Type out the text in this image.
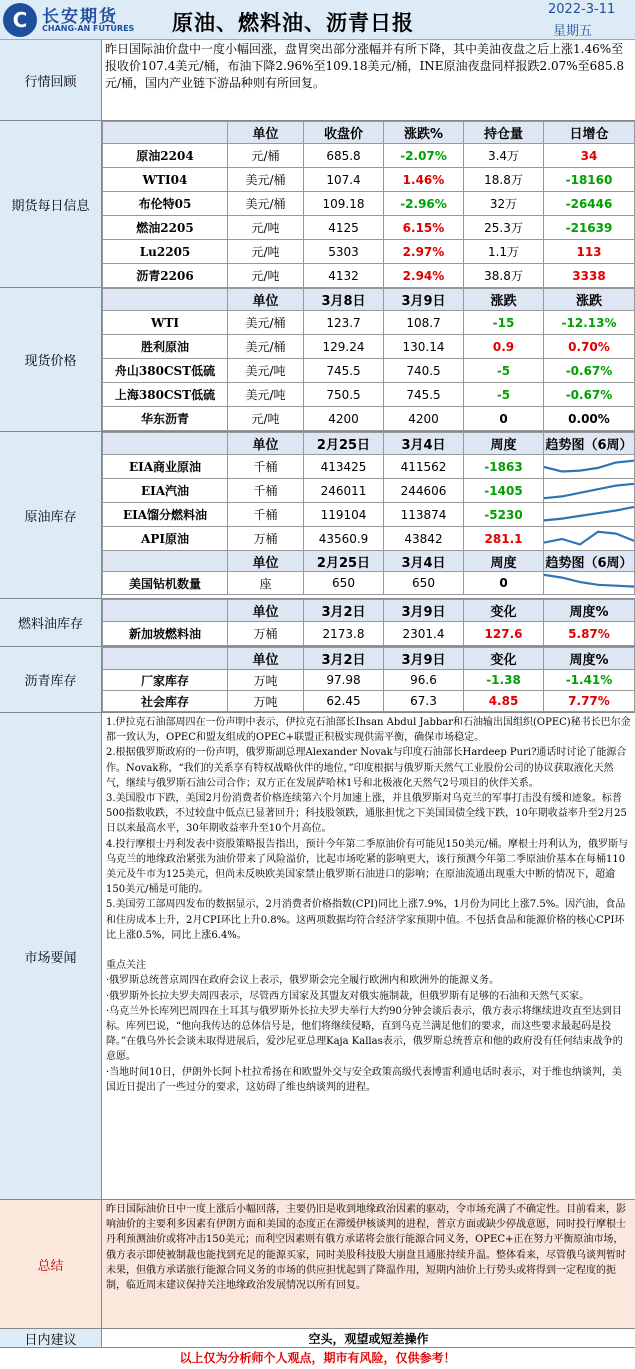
C 长安期货
CHANG-AN FUTURES 原油、燃料油、沥青日报
2022-3-11
星期五
行情回顾
昨日国际油价盘中一度小幅回涨，盘胃突出部分涨幅并有所下降，其中美油夜盘之后上涨1.46%至报收价107.4美元/桶，布油下降2.96%至109.18美元/桶，INE原油夜盘同样报跌2.07%至685.8元/桶，国内产业链下游品种则有所回复。
期货每日信息
	单位	收盘价	涨跌%	持仓量	日增仓
原油2204	元/桶	685.8	-2.07%	3.4万	34
WTI04	美元/桶	107.4	1.46%	18.8万	-18160
布伦特05	美元/桶	109.18	-2.96%	32万	-26446
燃油2205	元/吨	4125	6.15%	25.3万	-21639
Lu2205	元/吨	5303	2.97%	1.1万	113
沥青2206	元/吨	4132	2.94%	38.8万	3338
现货价格
	单位	3月8日	3月9日	涨跌	涨跌
WTI	美元/桶	123.7	108.7	-15	-12.13%
胜利原油	美元/桶	129.24	130.14	0.9	0.70%
舟山380CST低硫	美元/吨	745.5	740.5	-5	-0.67%
上海380CST低硫	美元/吨	750.5	745.5	-5	-0.67%
华东沥青	元/吨	4200	4200	0	0.00%
原油库存
	单位	2月25日	3月4日	周度	趋势图（6周）
EIA商业原油	千桶	413425	411562	-1863	

EIA汽油	千桶	246011	244606	-1405	

EIA馏分燃料油	千桶	119104	113874	-5230	

API原油	万桶	43560.9	43842	281.1	

	单位	2月25日	3月4日	周度	趋势图（6周）
美国钻机数量	座	650	650	0	
燃料油库存
	单位	3月2日	3月9日	变化	周度%
新加坡燃料油	万桶	2173.8	2301.4	127.6	5.87%
沥青库存
	单位	3月2日	3月9日	变化	周度%
厂家库存	万吨	97.98	96.6	-1.38	-1.41%
社会库存	万吨	62.45	67.3	4.85	7.77%
市场要闻

1.伊拉克石油部周四在一份声明中表示，伊拉克石油部长Ihsan Abdul Jabbar和石油输出国组织(OPEC)秘书长巴尔金都一致认为，OPEC和盟友组成的OPEC+联盟正积极实现供需平衡，确保市场稳定。

2.根据俄罗斯政府的一份声明，俄罗斯副总理Alexander Novak与印度石油部长Hardeep Puri?通话时讨论了能源合作。Novak称，“我们的关系享有特权战略伙伴的地位，”印度根据与俄罗斯天然气工业股份公司的协议获取液化天然气，继续与俄罗斯石油公司合作；双方正在发展萨哈林1号和北极液化天然气2号项目的伙伴关系。

3.美国股市下跌，美国2月份消费者价格连续第六个月加速上涨，并且俄罗斯对乌克兰的军事打击没有缓和迹象。标普500指数收跌，不过较盘中低点已显著回升；科技股领跌，通胀担忧之下美国国债全线下跌，10年期收益率升至2月25日以来最高水平，30年期收益率升至10个月高位。

4.投行摩根士丹利发表中资股策略报告指出，预计今年第二季原油价有可能见150美元/桶。摩根士丹利认为，俄罗斯与乌克兰的地缘政治紧张为油价带来了风险溢价，比起市场吃紧的影响更大，该行预测今年第二季原油价基本在每桶110美元及牛市为125美元，但尚未反映欧美国家禁止俄罗斯石油进口的影响；在原油流通出现重大中断的情况下，超逾150美元/桶是可能的。

5.美国劳工部周四发布的数据显示，2月消费者价格指数(CPI)同比上涨7.9%，1月份为同比上涨7.5%。因汽油，食品和住房成本上升，2月CPI环比上升0.8%。这两项数据均符合经济学家预期中值。不包括食品和能源价格的核心CPI环比上涨0.5%，同比上涨6.4%。

重点关注

·俄罗斯总统普京周四在政府会议上表示，俄罗斯会完全履行欧洲内和欧洲外的能源义务。

·俄罗斯外长拉夫罗夫周四表示，尽管西方国家及其盟友对俄实施制裁，但俄罗斯有足够的石油和天然气买家。

·乌克兰外长库列巴周四在土耳其与俄罗斯外长拉夫罗夫举行大约90分钟会谈后表示，俄方表示将继续进攻直至达到目标。库列巴说，“他向我传达的总体信号是，他们将继续侵略，直到乌克兰满足他们的要求，而这些要求最起码是投降。”在俄乌外长会谈未取得进展后，爱沙尼亚总理Kaja Kallas表示，俄罗斯总统普京和他的政府没有任何结束战争的意愿。

·当地时间10日，伊朗外长阿卜杜拉希扬在和欧盟外交与安全政策高级代表博雷利通电话时表示，对于维也纳谈判，美国近日提出了一些过分的要求，这妨碍了维也纳谈判的进程。

总结
昨日国际油价日中一度上涨后小幅回落，主要仍旧是收到地缘政治因素的驱动，令市场充满了不确定性。目前看来，影响油价的主要利多因素有伊朗方面和美国的态度正在滞缓伊核谈判的进程，普京方面或缺少停战意愿，同时投行摩根士丹利预测油价或将冲击150美元；而利空因素则有俄方承诺将会旅行能源合同义务，OPEC+正在努力平衡原油市场，俄方表示即使被制裁也能找到充足的能源买家，同时美股科技股大崩盘且通胀持续升温。整体看来，尽管俄乌谈判暂时未果，但俄方承诺旅行能源合同义务的市场的供应担忧起到了降温作用，短期内油价上行势头或将得到一定程度的扼制，临近周末建议保持关注地缘政治发展情况以所有回复。
日内建议	空头，观望或短差操作
以上仅为分析师个人观点，期市有风险，仅供参考！
